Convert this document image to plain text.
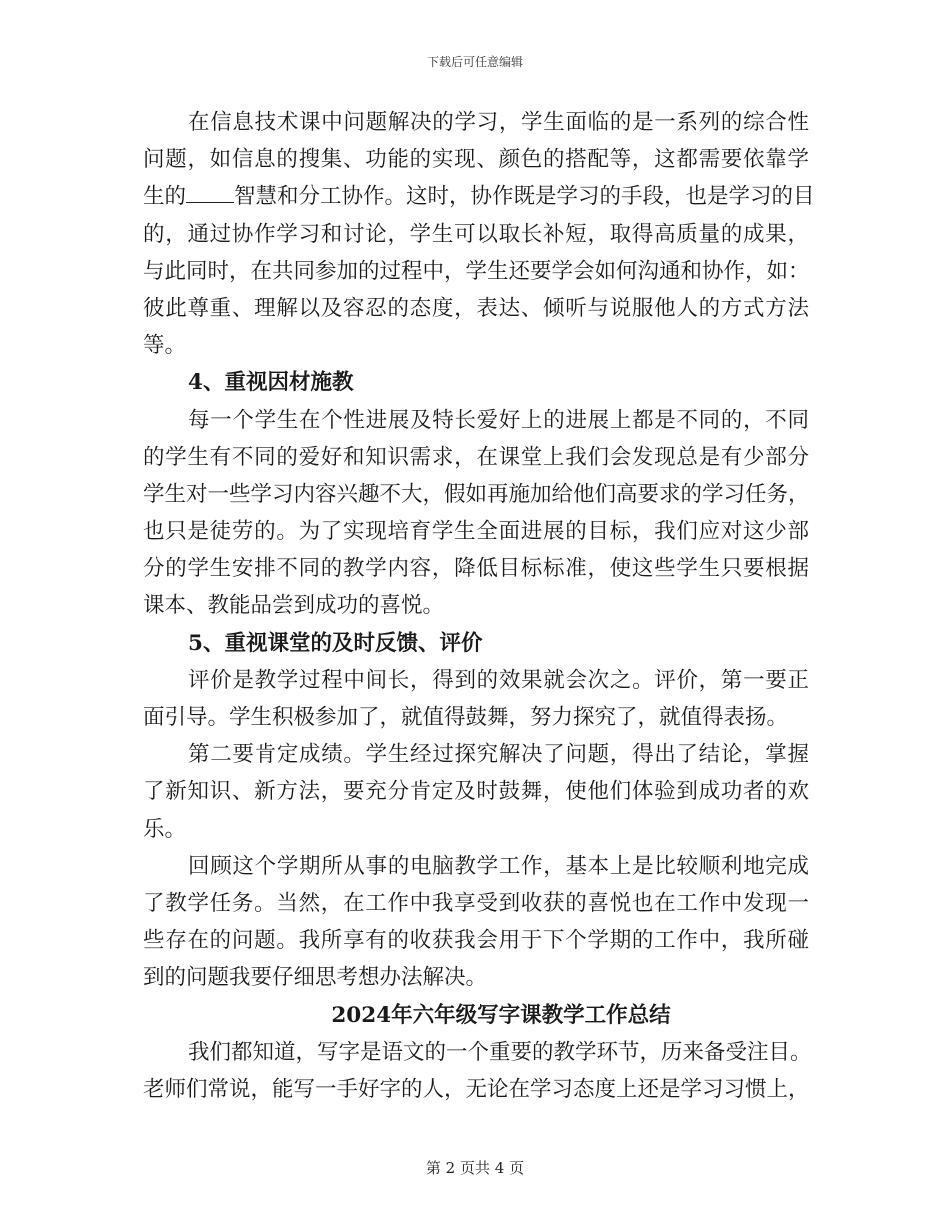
下载后可任意编辑
在信息技术课中问题解决的学习，学生面临的是一系列的综合性
问题，如信息的搜集、功能的实现、颜色的搭配等，这都需要依靠学
生的 智慧和分工协作。这时，协作既是学习的手段，也是学习的目
的，通过协作学习和讨论，学生可以取长补短，取得高质量的成果，
与此同时，在共同参加的过程中，学生还要学会如何沟通和协作，如：
彼此尊重、理解以及容忍的态度，表达、倾听与说服他人的方式方法
等。
4、重视因材施教
每一个学生在个性进展及特长爱好上的进展上都是不同的，不同
的学生有不同的爱好和知识需求，在课堂上我们会发现总是有少部分
学生对一些学习内容兴趣不大，假如再施加给他们高要求的学习任务，
也只是徒劳的。为了实现培育学生全面进展的目标，我们应对这少部
分的学生安排不同的教学内容，降低目标标准，使这些学生只要根据
课本、教能品尝到成功的喜悦。
5、重视课堂的及时反馈、评价
评价是教学过程中间长，得到的效果就会次之。评价，第一要正
面引导。学生积极参加了，就值得鼓舞，努力探究了，就值得表扬。
第二要肯定成绩。学生经过探究解决了问题，得出了结论，掌握
了新知识、新方法，要充分肯定及时鼓舞，使他们体验到成功者的欢
乐。
回顾这个学期所从事的电脑教学工作，基本上是比较顺利地完成
了教学任务。当然，在工作中我享受到收获的喜悦也在工作中发现一
些存在的问题。我所享有的收获我会用于下个学期的工作中，我所碰
到的问题我要仔细思考想办法解决。
2024年六年级写字课教学工作总结
我们都知道，写字是语文的一个重要的教学环节，历来备受注目。
老师们常说，能写一手好字的人，无论在学习态度上还是学习习惯上，
第 2 页共 4 页
